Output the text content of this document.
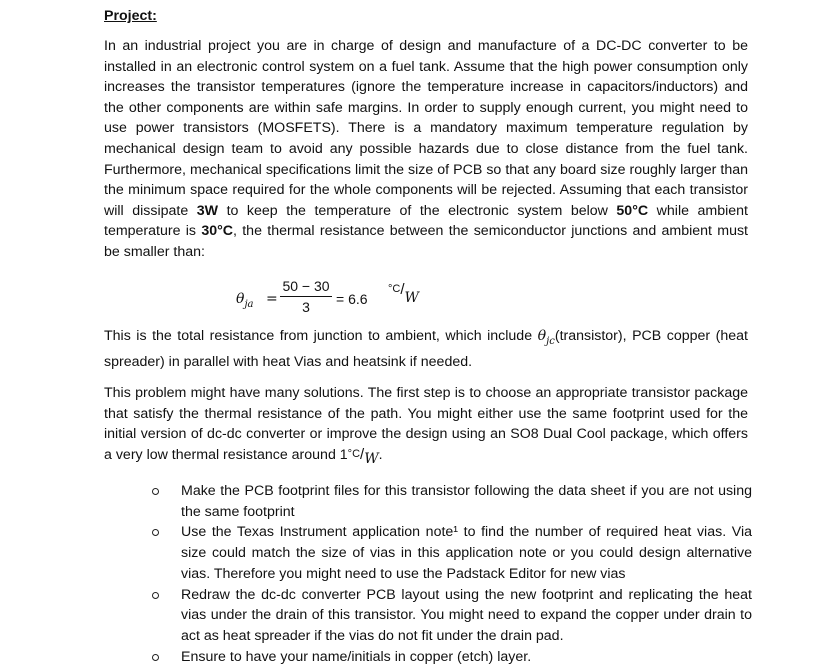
Project:

In an industrial project you are in charge of design and manufacture of a DC-DC converter to be installed in an electronic control system on a fuel tank. Assume that the high power consumption only increases the transistor temperatures (ignore the temperature increase in capacitors/inductors) and the other components are within safe margins. In order to supply enough current, you might need to use power transistors (MOSFETS). There is a mandatory maximum temperature regulation by mechanical design team to avoid any possible hazards due to close distance from the fuel tank. Furthermore, mechanical specifications limit the size of PCB so that any board size roughly larger than the minimum space required for the whole components will be rejected. Assuming that each transistor will dissipate 3W to keep the temperature of the electronic system below 50°C while ambient temperature is 30°C, the thermal resistance between the semiconductor junctions and ambient must be smaller than:

$\theta_{ja}$ =
50 − 30
3	= 6.6
°C/W

This is the total resistance from junction to ambient, which include $\theta_{jc}(transistor)$, PCB copper (heat spreader) in parallel with heat Vias and heatsink if needed.

This problem might have many solutions. The first step is to choose an appropriate transistor package that satisfy the thermal resistance of the path. You might either use the same footprint used for the initial version of dc-dc converter or improve the design using an SO8 Dual Cool package, which offers a very low thermal resistance around 1°C/W.

Make the PCB footprint files for this transistor following the data sheet if you are not using the same footprint
Use the Texas Instrument application note¹ to find the number of required heat vias. Via size could match the size of vias in this application note or you could design alternative vias. Therefore you might need to use the Padstack Editor for new vias
Redraw the dc-dc converter PCB layout using the new footprint and replicating the heat vias under the drain of this transistor. You might need to expand the copper under drain to act as heat spreader if the vias do not fit under the drain pad.
Ensure to have your name/initials in copper (etch) layer.
